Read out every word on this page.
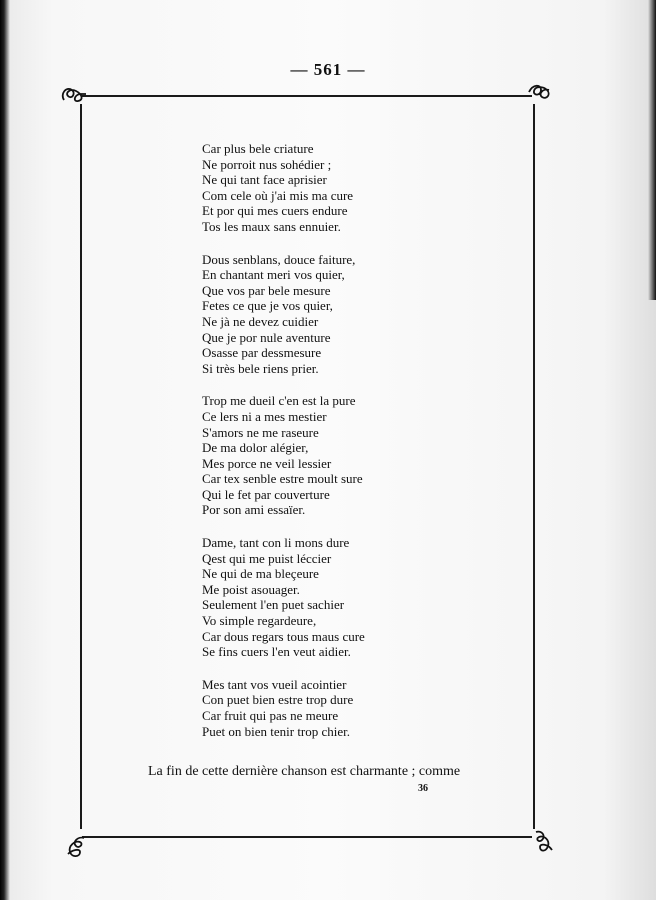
— 561 —
Car plus bele criature
Ne porroit nus sohédier ;
Ne qui tant face aprisier
Com cele où j'ai mis ma cure
Et por qui mes cuers endure
Tos les maux sans ennuier.
Dous senblans, douce faiture,
En chantant meri vos quier,
Que vos par bele mesure
Fetes ce que je vos quier,
Ne jà ne devez cuidier
Que je por nule aventure
Osasse par dessmesure
Si très bele riens prier.
Trop me dueil c'en est la pure
Ce lers ni a mes mestier
S'amors ne me raseure
De ma dolor alégier,
Mes porce ne veil lessier
Car tex senble estre moult sure
Qui le fet par couverture
Por son ami essaïer.
Dame, tant con li mons dure
Qest qui me puist léccier
Ne qui de ma bleçeure
Me poist asouager.
Seulement l'en puet sachier
Vo simple regardeure,
Car dous regars tous maus cure
Se fins cuers l'en veut aidier.
Mes tant vos vueil acointier
Con puet bien estre trop dure
Car fruit qui pas ne meure
Puet on bien tenir trop chier.
La fin de cette dernière chanson est charmante ; comme
36
